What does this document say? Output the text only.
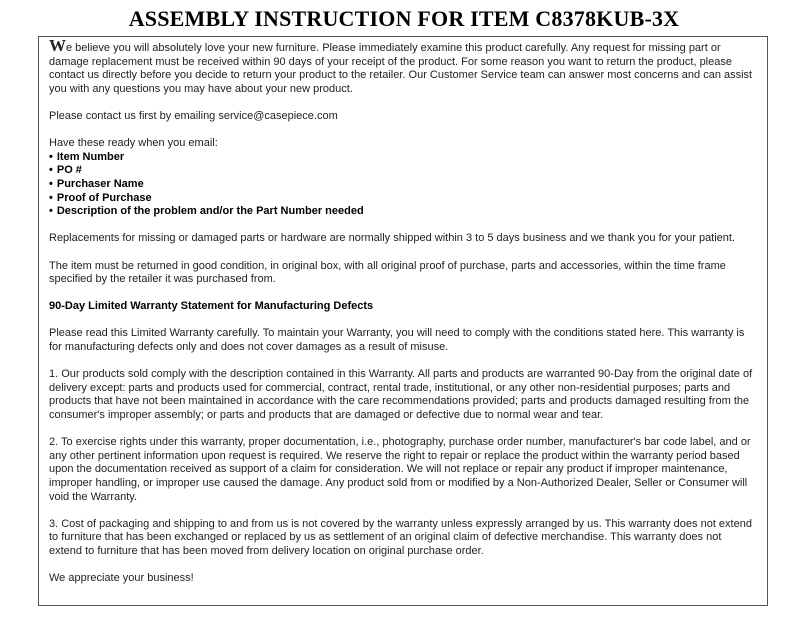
ASSEMBLY INSTRUCTION FOR ITEM C8378KUB-3X

We believe you will absolutely love your new furniture. Please immediately examine this product carefully. Any request for missing part or damage replacement must be received within 90 days of your receipt of the product. For some reason you want to return the product, please contact us directly before you decide to return your product to the retailer. Our Customer Service team can answer most concerns and can assist you with any questions you may have about your new product.

Please contact us first by emailing service@casepiece.com

Have these ready when you email:
• Item Number
• PO #
• Purchaser Name
• Proof of Purchase
• Description of the problem and/or the Part Number needed

Replacements for missing or damaged parts or hardware are normally shipped within 3 to 5 days business and we thank you for your patient.

The item must be returned in good condition, in original box, with all original proof of purchase, parts and accessories, within the time frame specified by the retailer it was purchased from.

90-Day Limited Warranty Statement for Manufacturing Defects

Please read this Limited Warranty carefully. To maintain your Warranty, you will need to comply with the conditions stated here. This warranty is for manufacturing defects only and does not cover damages as a result of misuse.

1. Our products sold comply with the description contained in this Warranty. All parts and products are warranted 90-Day from the original date of delivery except: parts and products used for commercial, contract, rental trade, institutional, or any other non-residential purposes; parts and products that have not been maintained in accordance with the care recommendations provided; parts and products damaged resulting from the consumer's improper assembly; or parts and products that are damaged or defective due to normal wear and tear.

2. To exercise rights under this warranty, proper documentation, i.e., photography, purchase order number, manufacturer's bar code label, and or any other pertinent information upon request is required. We reserve the right to repair or replace the product within the warranty period based upon the documentation received as support of a claim for consideration. We will not replace or repair any product if improper maintenance, improper handling, or improper use caused the damage. Any product sold from or modified by a Non-Authorized Dealer, Seller or Consumer will void the Warranty.

3. Cost of packaging and shipping to and from us is not covered by the warranty unless expressly arranged by us. This warranty does not extend to furniture that has been exchanged or replaced by us as settlement of an original claim of defective merchandise. This warranty does not extend to furniture that has been moved from delivery location on original purchase order.

We appreciate your business!
